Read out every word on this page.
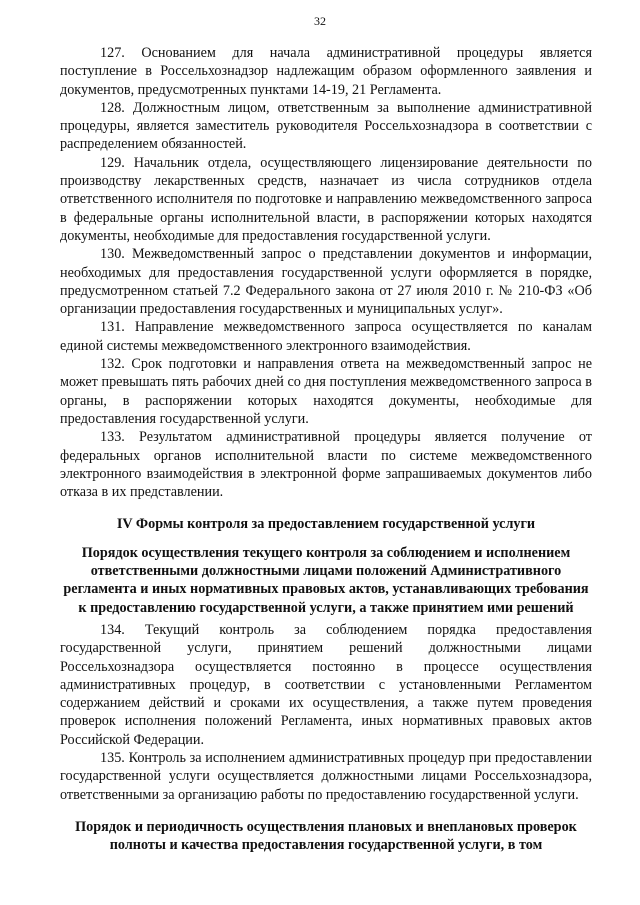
32

127. Основанием для начала административной процедуры является поступление в Россельхознадзор надлежащим образом оформленного заявления и документов, предусмотренных пунктами 14-19, 21 Регламента.

128. Должностным лицом, ответственным за выполнение административной процедуры, является заместитель руководителя Россельхознадзора в соответствии с распределением обязанностей.

129. Начальник отдела, осуществляющего лицензирование деятельности по производству лекарственных средств, назначает из числа сотрудников отдела ответственного исполнителя по подготовке и направлению межведомственного запроса в федеральные органы исполнительной власти, в распоряжении которых находятся документы, необходимые для предоставления государственной услуги.

130. Межведомственный запрос о представлении документов и информации, необходимых для предоставления государственной услуги оформляется в порядке, предусмотренном статьей 7.2 Федерального закона от 27 июля 2010 г. № 210-ФЗ «Об организации предоставления государственных и муниципальных услуг».

131. Направление межведомственного запроса осуществляется по каналам единой системы межведомственного электронного взаимодействия.

132. Срок подготовки и направления ответа на межведомственный запрос не может превышать пять рабочих дней со дня поступления межведомственного запроса в органы, в распоряжении которых находятся документы, необходимые для предоставления государственной услуги.

133. Результатом административной процедуры является получение от федеральных органов исполнительной власти по системе межведомственного электронного взаимодействия в электронной форме запрашиваемых документов либо отказа в их представлении.

IV Формы контроля за предоставлением государственной услуги

Порядок осуществления текущего контроля за соблюдением и исполнением ответственными должностными лицами положений Административного регламента и иных нормативных правовых актов, устанавливающих требования к предоставлению государственной услуги, а также принятием ими решений

134. Текущий контроль за соблюдением порядка предоставления государственной услуги, принятием решений должностными лицами Россельхознадзора осуществляется постоянно в процессе осуществления административных процедур, в соответствии с установленными Регламентом содержанием действий и сроками их осуществления, а также путем проведения проверок исполнения положений Регламента, иных нормативных правовых актов Российской Федерации.

135. Контроль за исполнением административных процедур при предоставлении государственной услуги осуществляется должностными лицами Россельхознадзора, ответственными за организацию работы по предоставлению государственной услуги.

Порядок и периодичность осуществления плановых и внеплановых проверок полноты и качества предоставления государственной услуги, в том
